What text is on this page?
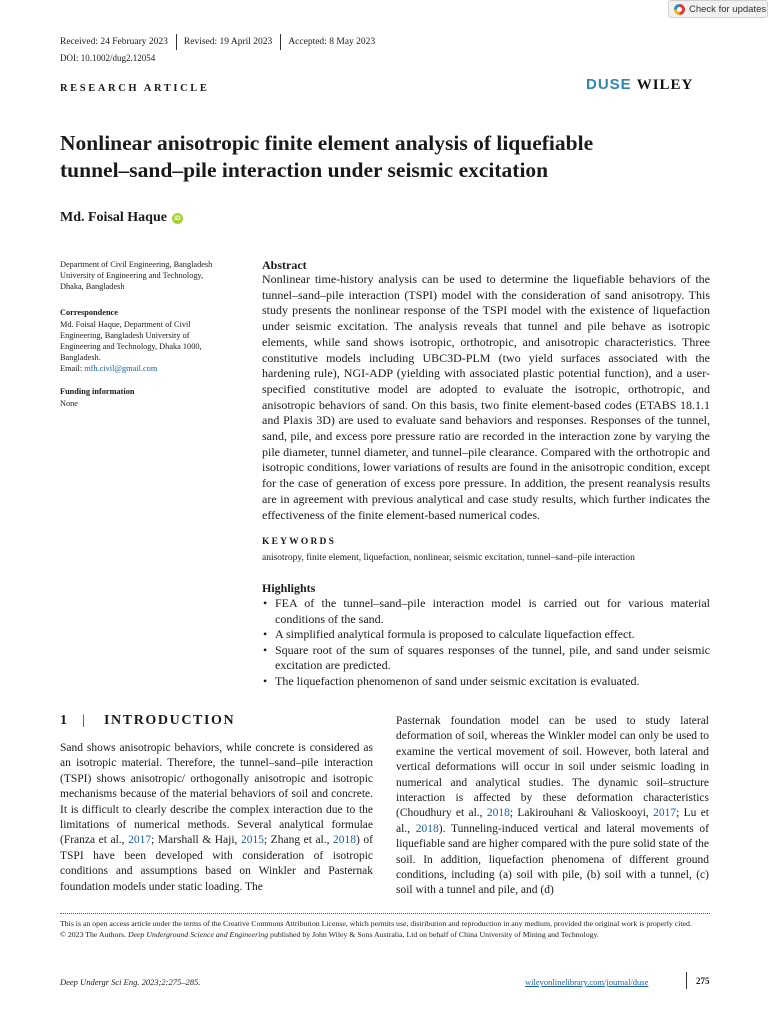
Check for updates
Received: 24 February 2023 Revised: 19 April 2023 Accepted: 8 May 2023
DOI: 10.1002/dug2.12054
RESEARCH ARTICLE	DUSE WILEY
Nonlinear anisotropic finite element analysis of liquefiable
tunnel–sand–pile interaction under seismic excitation
Md. Foisal Haque	iD
Department of Civil Engineering, Bangladesh
University of Engineering and Technology,
Dhaka, Bangladesh
Correspondence
Md. Foisal Haque, Department of Civil
Engineering, Bangladesh University of
Engineering and Technology, Dhaka 1000,
Bangladesh.
Email: mfh.civil@gmail.com
Funding information
None
Abstract
Nonlinear time-history analysis can be used to determine the liquefiable behaviors of the tunnel–sand–pile interaction (TSPI) model with the consideration of sand anisotropy. This study presents the nonlinear response of the TSPI model with the existence of liquefaction under seismic excitation. The analysis reveals that tunnel and pile behave as isotropic elements, while sand shows isotropic, orthotropic, and anisotropic characteristics. Three constitutive models including UBC3D-PLM (two yield surfaces associated with the hardening rule), NGI-ADP (yielding with associated plastic potential function), and a user-specified constitutive model are adopted to evaluate the isotropic, orthotropic, and anisotropic behaviors of sand. On this basis, two finite element-based codes (ETABS 18.1.1 and Plaxis 3D) are used to evaluate sand behaviors and responses. Responses of the tunnel, sand, pile, and excess pore pressure ratio are recorded in the interaction zone by varying the pile diameter, tunnel diameter, and tunnel–pile clearance. Compared with the orthotropic and isotropic conditions, lower variations of results are found in the anisotropic condition, except for the case of generation of excess pore pressure. In addition, the present reanalysis results are in agreement with previous analytical and case study results, which further indicates the effectiveness of the finite element-based numerical codes.
KEYWORDS
anisotropy, finite element, liquefaction, nonlinear, seismic excitation, tunnel–sand–pile interaction
Highlights
• FEA of the tunnel–sand–pile interaction model is carried out for various material conditions of the sand.
• A simplified analytical formula is proposed to calculate liquefaction effect.
• Square root of the sum of squares responses of the tunnel, pile, and sand under seismic excitation are predicted.
• The liquefaction phenomenon of sand under seismic excitation is evaluated.
1 |	INTRODUCTION
Sand shows anisotropic behaviors, while concrete is considered as an isotropic material. Therefore, the tunnel–sand–pile interaction (TSPI) shows anisotropic/ orthogonally anisotropic and isotropic mechanisms because of the material behaviors of soil and concrete. It is difficult to clearly describe the complex interaction due to the limitations of numerical methods. Several analytical formulae (Franza et al., 2017; Marshall & Haji, 2015; Zhang et al., 2018) of TSPI have been developed with consideration of isotropic conditions and assumptions based on Winkler and Pasternak foundation models under static loading. The
Pasternak foundation model can be used to study lateral deformation of soil, whereas the Winkler model can only be used to examine the vertical movement of soil. However, both lateral and vertical deformations will occur in soil under seismic loading in numerical and analytical studies. The dynamic soil–structure interaction is affected by these deformation characteristics (Choudhury et al., 2018; Lakirouhani & Valioskooyi, 2017; Lu et al., 2018). Tunneling-induced vertical and lateral movements of liquefiable sand are higher compared with the pure solid state of the soil. In addition, liquefaction phenomena of different ground conditions, including (a) soil with pile, (b) soil with a tunnel, (c) soil with a tunnel and pile, and (d)
This is an open access article under the terms of the Creative Commons Attribution License, which permits use, distribution and reproduction in any medium, provided the original work is properly cited.
© 2023 The Authors. Deep Underground Science and Engineering published by John Wiley & Sons Australia, Ltd on behalf of China University of Mining and Technology.
Deep Undergr Sci Eng. 2023;2:275–285.	wileyonlinelibrary.com/journal/duse	275
